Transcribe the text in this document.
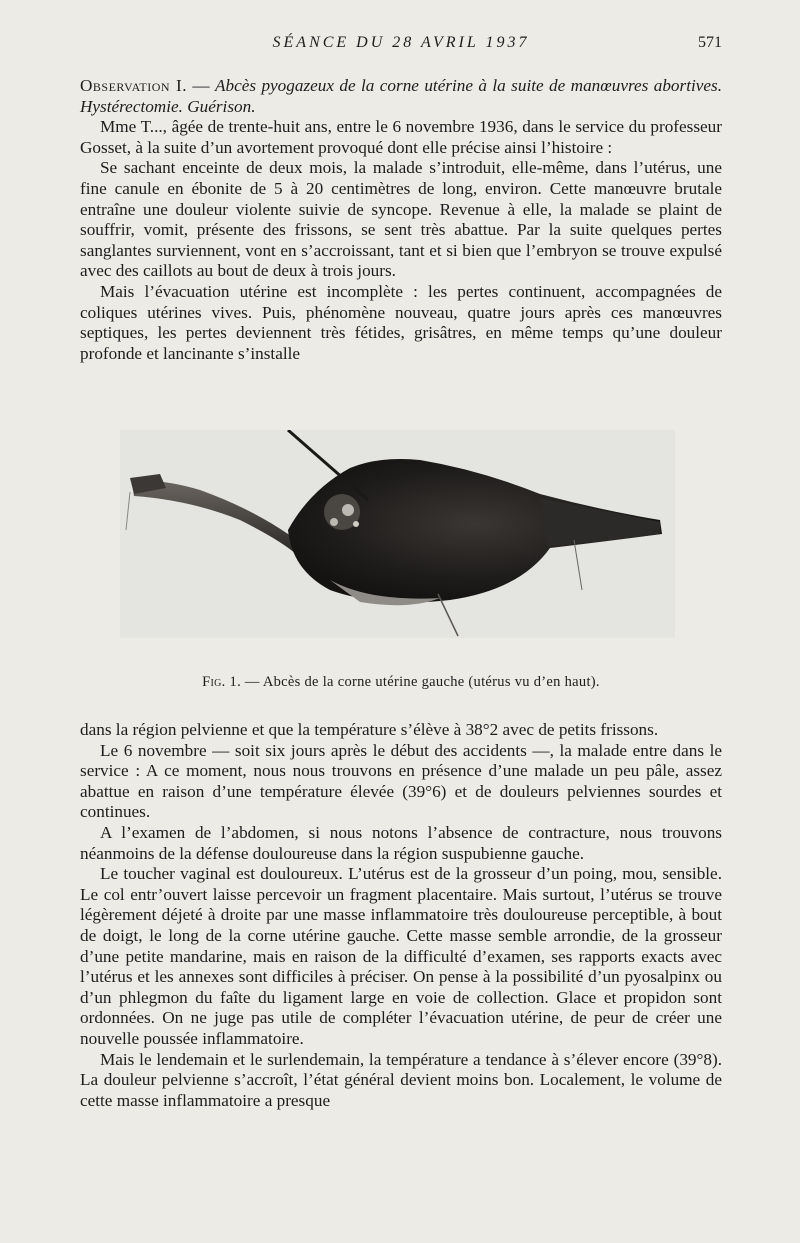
SÉANCE DU 28 AVRIL 1937	571

Observation I. — Abcès pyogazeux de la corne utérine à la suite de manœuvres abortives. Hystérectomie. Guérison.

Mme T..., âgée de trente-huit ans, entre le 6 novembre 1936, dans le service du professeur Gosset, à la suite d’un avortement provoqué dont elle précise ainsi l’histoire :

Se sachant enceinte de deux mois, la malade s’introduit, elle-même, dans l’utérus, une fine canule en ébonite de 5 à 20 centimètres de long, environ. Cette manœuvre brutale entraîne une douleur violente suivie de syncope. Revenue à elle, la malade se plaint de souffrir, vomit, présente des frissons, se sent très abattue. Par la suite quelques pertes sanglantes surviennent, vont en s’accroissant, tant et si bien que l’embryon se trouve expulsé avec des caillots au bout de deux à trois jours.

Mais l’évacuation utérine est incomplète : les pertes continuent, accompagnées de coliques utérines vives. Puis, phénomène nouveau, quatre jours après ces manœuvres septiques, les pertes deviennent très fétides, grisâtres, en même temps qu’une douleur profonde et lancinante s’installe

Fig. 1. — Abcès de la corne utérine gauche (utérus vu d’en haut).

dans la région pelvienne et que la température s’élève à 38°2 avec de petits frissons.

Le 6 novembre — soit six jours après le début des accidents —, la malade entre dans le service : A ce moment, nous nous trouvons en présence d’une malade un peu pâle, assez abattue en raison d’une température élevée (39°6) et de douleurs pelviennes sourdes et continues.

A l’examen de l’abdomen, si nous notons l’absence de contracture, nous trouvons néanmoins de la défense douloureuse dans la région suspubienne gauche.

Le toucher vaginal est douloureux. L’utérus est de la grosseur d’un poing, mou, sensible. Le col entr’ouvert laisse percevoir un fragment placentaire. Mais surtout, l’utérus se trouve légèrement déjeté à droite par une masse inflammatoire très douloureuse perceptible, à bout de doigt, le long de la corne utérine gauche. Cette masse semble arrondie, de la grosseur d’une petite mandarine, mais en raison de la difficulté d’examen, ses rapports exacts avec l’utérus et les annexes sont difficiles à préciser. On pense à la possibilité d’un pyosalpinx ou d’un phlegmon du faîte du ligament large en voie de collection. Glace et propidon sont ordonnées. On ne juge pas utile de compléter l’évacuation utérine, de peur de créer une nouvelle poussée inflammatoire.

Mais le lendemain et le surlendemain, la température a tendance à s’élever encore (39°8). La douleur pelvienne s’accroît, l’état général devient moins bon. Localement, le volume de cette masse inflammatoire a presque
